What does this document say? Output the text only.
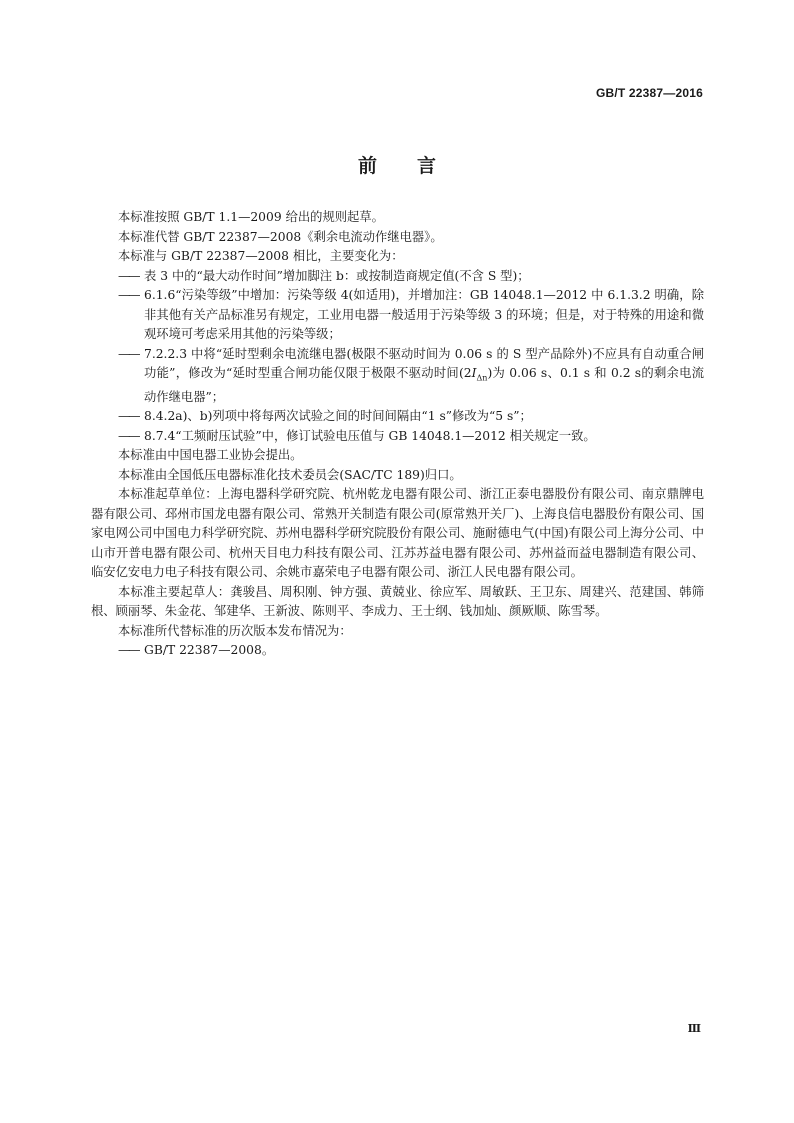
GB/T 22387—2016
前 言

本标准按照 GB/T 1.1—2009 给出的规则起草。

本标准代替 GB/T 22387—2008《剩余电流动作继电器》。

本标准与 GB/T 22387—2008 相比，主要变化为：

—— 表 3 中的“最大动作时间”增加脚注 b：或按制造商规定值(不含 S 型)；
—— 6.1.6“污染等级”中增加：污染等级 4(如适用)，并增加注：GB 14048.1—2012 中 6.1.3.2 明确，除非其他有关产品标准另有规定，工业用电器一般适用于污染等级 3 的环境；但是，对于特殊的用途和微观环境可考虑采用其他的污染等级；
—— 7.2.2.3 中将“延时型剩余电流继电器(极限不驱动时间为 0.06 s 的 S 型产品除外)不应具有自动重合闸功能”，修改为“延时型重合闸功能仅限于极限不驱动时间$(2I_{\Delta n})$为 0.06 s、0.1 s 和 0.2 s的剩余电流动作继电器”；
—— 8.4.2a)、b)列项中将每两次试验之间的时间间隔由“1 s”修改为“5 s”；
—— 8.7.4“工频耐压试验”中，修订试验电压值与 GB 14048.1—2012 相关规定一致。

本标准由中国电器工业协会提出。

本标准由全国低压电器标准化技术委员会(SAC/TC 189)归口。

本标准起草单位：上海电器科学研究院、杭州乾龙电器有限公司、浙江正泰电器股份有限公司、南京鼎牌电器有限公司、邳州市国龙电器有限公司、常熟开关制造有限公司(原常熟开关厂)、上海良信电器股份有限公司、国家电网公司中国电力科学研究院、苏州电器科学研究院股份有限公司、施耐德电气(中国)有限公司上海分公司、中山市开普电器有限公司、杭州天目电力科技有限公司、江苏苏益电器有限公司、苏州益而益电器制造有限公司、临安亿安电力电子科技有限公司、余姚市嘉荣电子电器有限公司、浙江人民电器有限公司。

本标准主要起草人：龚骏昌、周积刚、钟方强、黄兢业、徐应军、周敏跃、王卫东、周建兴、范建国、韩筛根、顾丽琴、朱金花、邹建华、王新波、陈则平、李成力、王士纲、钱加灿、颜厥顺、陈雪琴。

本标准所代替标准的历次版本发布情况为：

—— GB/T 22387—2008。
Ⅲ
